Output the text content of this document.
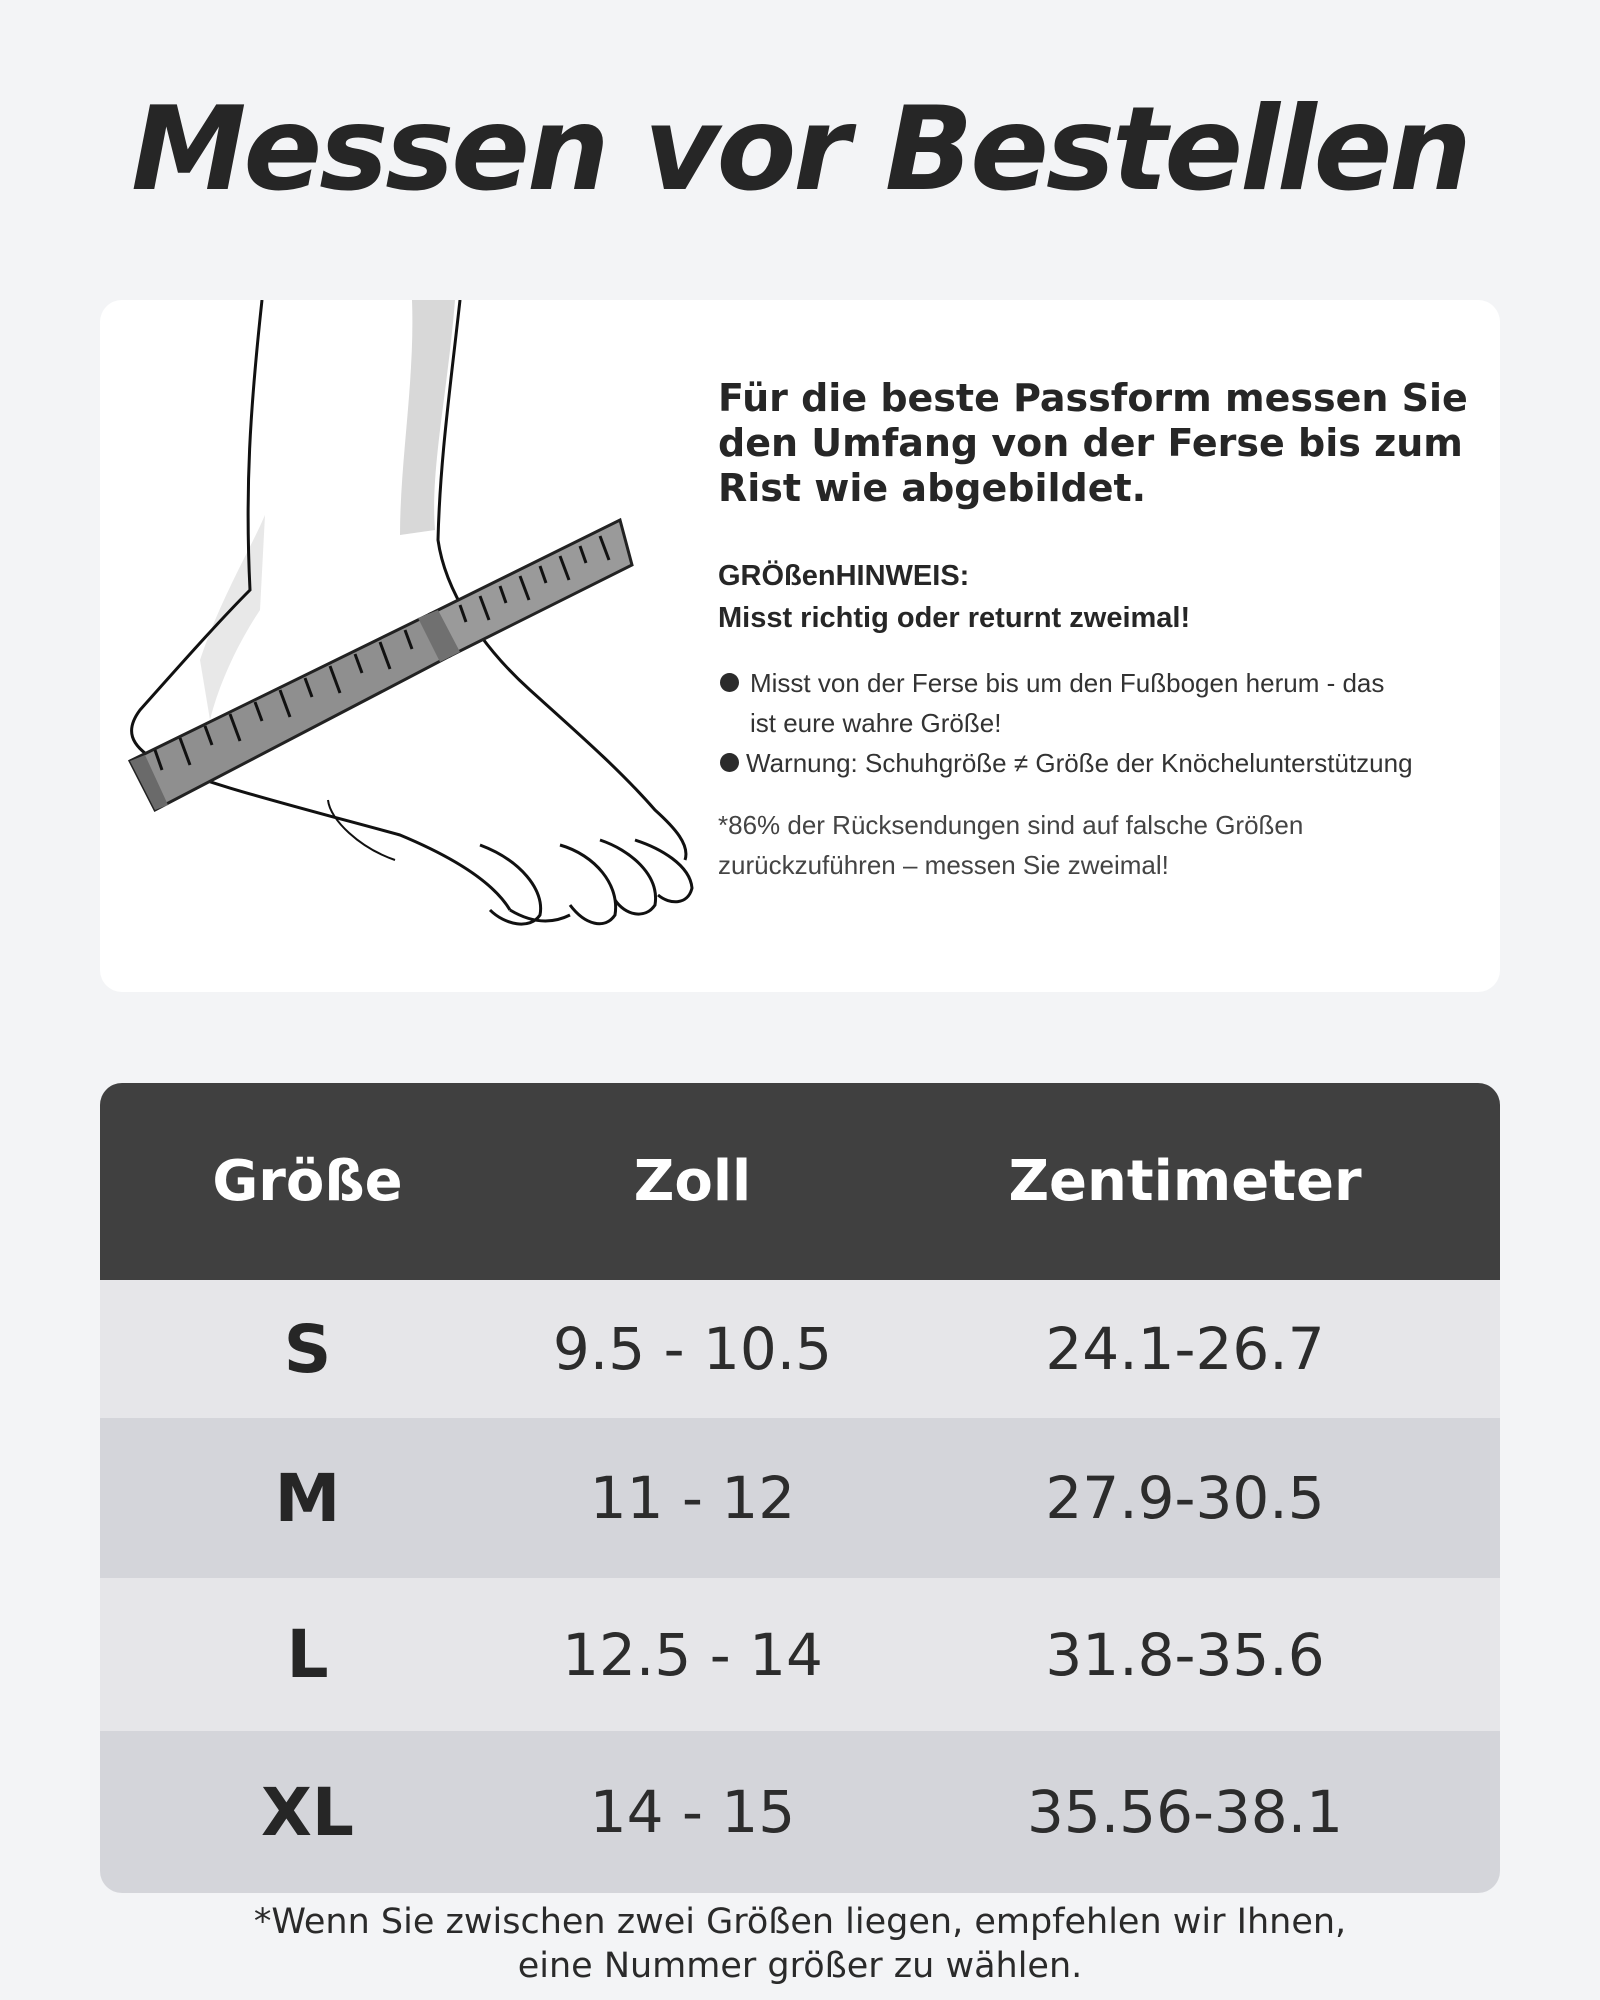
Messen vor Bestellen

Für die beste Passform messen Sie
den Umfang von der Ferse bis zum
Rist wie abgebildet.

GRÖßenHINWEIS:
Misst richtig oder returnt zweimal!
Misst von der Ferse bis um den Fußbogen herum - das
ist eure wahre Größe!
Warnung: Schuhgröße ≠ Größe der Knöchelunterstützung
*86% der Rücksendungen sind auf falsche Größen
zurückzuführen – messen Sie zweimal!
Größe	Zoll	Zentimeter
S	9.5 - 10.5	24.1-26.7
M	11 - 12	27.9-30.5
L	12.5 - 14	31.8-35.6
XL	14 - 15	35.56-38.1
*Wenn Sie zwischen zwei Größen liegen, empfehlen wir Ihnen,
eine Nummer größer zu wählen.
